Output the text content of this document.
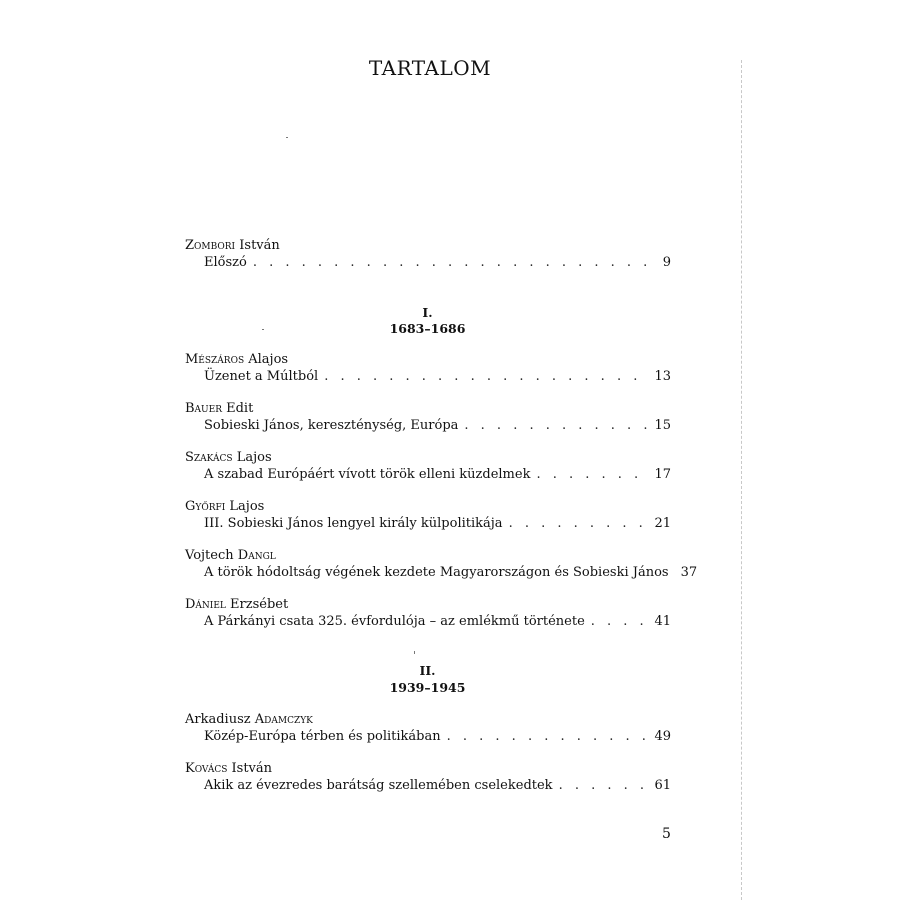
TARTALOM
Zombori István
Előszó . . .	9
I.
1683–1686
Mészáros Alajos
Üzenet a Múltból . . .	13
Bauer Edit
Sobieski János, kereszténység, Európa . . .	15
Szakács Lajos
A szabad Európáért vívott török elleni küzdelmek . . .	17
Győrfi Lajos
III. Sobieski János lengyel király külpolitikája . . .	21
Vojtech Dangl
A török hódoltság végének kezdete Magyarországon és Sobieski János 37
Dániel Erzsébet
A Párkányi csata 325. évfordulója – az emlékmű története . . .	41
II.
1939–1945
Arkadiusz Adamczyk
Közép-Európa térben és politikában . . .	49
Kovács István
Akik az évezredes barátság szellemében cselekedtek . . .	61
5
